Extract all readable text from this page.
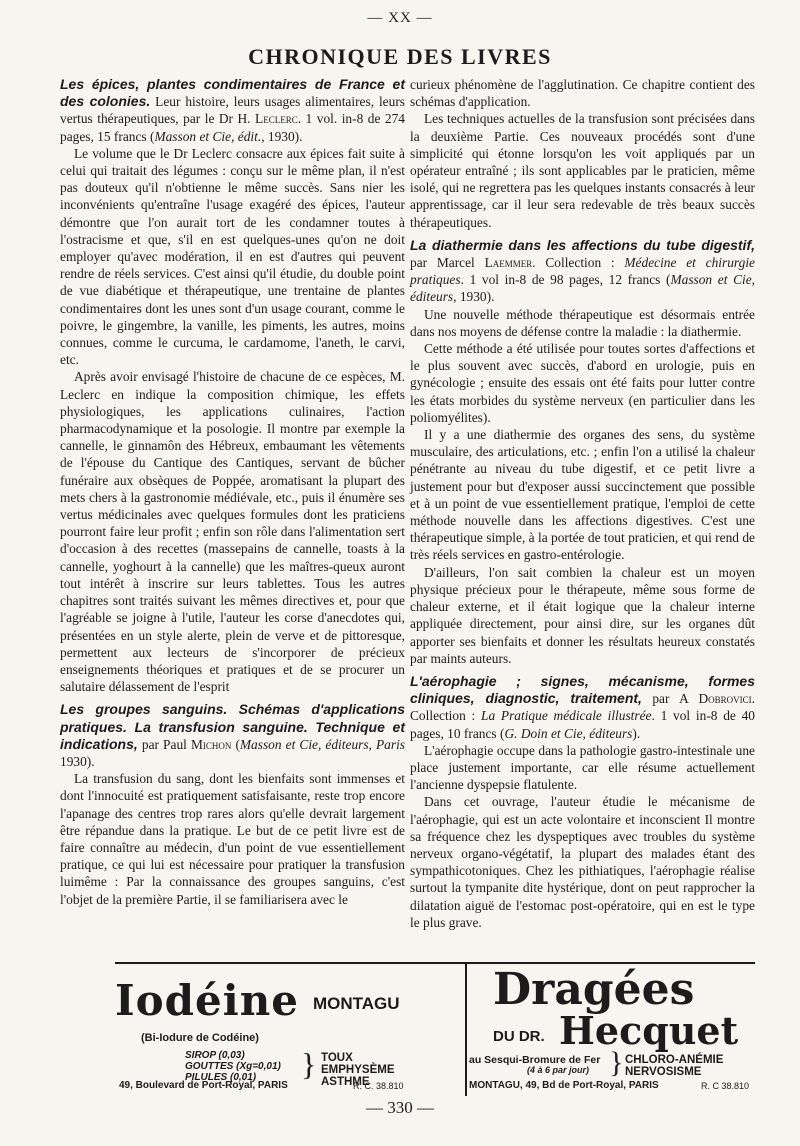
— XX —
CHRONIQUE DES LIVRES

Les épices, plantes condimentaires de France et des colonies. Leur histoire, leurs usages alimentaires, leurs vertus thérapeutiques, par le Dr H. Leclerc. 1 vol. in-8 de 274 pages, 15 francs (Masson et Cie, édit., 1930).

Le volume que le Dr Leclerc consacre aux épices fait suite à celui qui traitait des légumes : conçu sur le même plan, il n'est pas douteux qu'il n'obtienne le même succès. Sans nier les inconvénients qu'entraîne l'usage exagéré des épices, l'auteur démontre que l'on aurait tort de les condamner toutes à l'ostracisme et que, s'il en est quelques-unes qu'on ne doit employer qu'avec modération, il en est d'autres qui peuvent rendre de réels services. C'est ainsi qu'il étudie, du double point de vue diabétique et thérapeutique, une trentaine de plantes condimentaires dont les unes sont d'un usage courant, comme le poivre, le gingembre, la vanille, les piments, les autres, moins connues, comme le curcuma, le cardamome, l'aneth, le carvi, etc.

Après avoir envisagé l'histoire de chacune de ce espèces, M. Leclerc en indique la composition chimique, les effets physiologiques, les applications culinaires, l'action pharmacodynamique et la posologie. Il montre par exemple la cannelle, le ginnamôn des Hébreux, embaumant les vêtements de l'épouse du Cantique des Cantiques, servant de bûcher funéraire aux obsèques de Poppée, aromatisant la plupart des mets chers à la gastronomie médiévale, etc., puis il énumère ses vertus médicinales avec quelques formules dont les praticiens pourront faire leur profit ; enfin son rôle dans l'alimentation sert d'occasion à des recettes (massepains de cannelle, toasts à la cannelle, yoghourt à la cannelle) que les maîtres-queux auront tout intérêt à inscrire sur leurs tablettes. Tous les autres chapitres sont traités suivant les mêmes directives et, pour que l'agréable se joigne à l'utile, l'auteur les corse d'anecdotes qui, présentées en un style alerte, plein de verve et de pittoresque, permettent aux lecteurs de s'incorporer de précieux enseignements théoriques et pratiques et de se procurer un salutaire délassement de l'esprit

Les groupes sanguins. Schémas d'applications pratiques. La transfusion sanguine. Technique et indications, par Paul Michon (Masson et Cie, éditeurs, Paris 1930).

La transfusion du sang, dont les bienfaits sont immenses et dont l'innocuité est pratiquement satisfaisante, reste trop encore l'apanage des centres trop rares alors qu'elle devrait largement être répandue dans la pratique. Le but de ce petit livre est de faire connaître au médecin, d'un point de vue essentiellement pratique, ce qui lui est nécessaire pour pratiquer la transfusion luimême : Par la connaissance des groupes sanguins, c'est l'objet de la première Partie, il se familiarisera avec le

curieux phénomène de l'agglutination. Ce chapitre contient des schémas d'application.

Les techniques actuelles de la transfusion sont précisées dans la deuxième Partie. Ces nouveaux procédés sont d'une simplicité qui étonne lorsqu'on les voit appliqués par un opérateur entraîné ; ils sont applicables par le praticien, même isolé, qui ne regrettera pas les quelques instants consacrés à leur apprentissage, car il leur sera redevable de très beaux succès thérapeutiques.

La diathermie dans les affections du tube digestif, par Marcel Laemmer. Collection : Médecine et chirurgie pratiques. 1 vol in-8 de 98 pages, 12 francs (Masson et Cie, éditeurs, 1930).

Une nouvelle méthode thérapeutique est désormais entrée dans nos moyens de défense contre la maladie : la diathermie.

Cette méthode a été utilisée pour toutes sortes d'affections et le plus souvent avec succès, d'abord en urologie, puis en gynécologie ; ensuite des essais ont été faits pour lutter contre les états morbides du système nerveux (en particulier dans les poliomyélites).

Il y a une diathermie des organes des sens, du système musculaire, des articulations, etc. ; enfin l'on a utilisé la chaleur pénétrante au niveau du tube digestif, et ce petit livre a justement pour but d'exposer aussi succinctement que possible et à un point de vue essentiellement pratique, l'emploi de cette méthode nouvelle dans les affections digestives. C'est une thérapeutique simple, à la portée de tout praticien, et qui rend de très réels services en gastro-entérologie.

D'ailleurs, l'on sait combien la chaleur est un moyen physique précieux pour le thérapeute, même sous forme de chaleur externe, et il était logique que la chaleur interne appliquée directement, pour ainsi dire, sur les organes dût apporter ses bienfaits et donner les résultats heureux constatés par maints auteurs.

L'aérophagie ; signes, mécanisme, formes cliniques, diagnostic, traitement, par A Dobrovici. Collection : La Pratique médicale illustrée. 1 vol in-8 de 40 pages, 10 francs (G. Doin et Cie, éditeurs).

L'aérophagie occupe dans la pathologie gastro-intestinale une place justement importante, car elle résume actuellement l'ancienne dyspepsie flatulente.

Dans cet ouvrage, l'auteur étudie le mécanisme de l'aérophagie, qui est un acte volontaire et inconscient Il montre sa fréquence chez les dyspeptiques avec troubles du système nerveux organo-végétatif, la plupart des malades étant des sympathicotoniques. Chez les pithiatiques, l'aérophagie réalise surtout la tympanite dite hystérique, dont on peut rapprocher la dilatation aiguë de l'estomac post-opératoire, qui en est le type le plus grave.

Iodéine MONTAGU
(Bi-Iodure de Codéine)
SIROP (0,03)
GOUTTES (Xg=0,01)
PILULES (0,01)	} TOUX
EMPHYSÈME
ASTHME
49, Boulevard de Port-Royal, PARIS	R. C. 38.810
Dragées
DU DR. Hecquet
au Sesqui-Bromure de Fer
(4 à 6 par jour) } CHLORO-ANÉMIE
NERVOSISME
MONTAGU, 49, Bd de Port-Royal, PARIS	R. C 38.810
— 330 —
